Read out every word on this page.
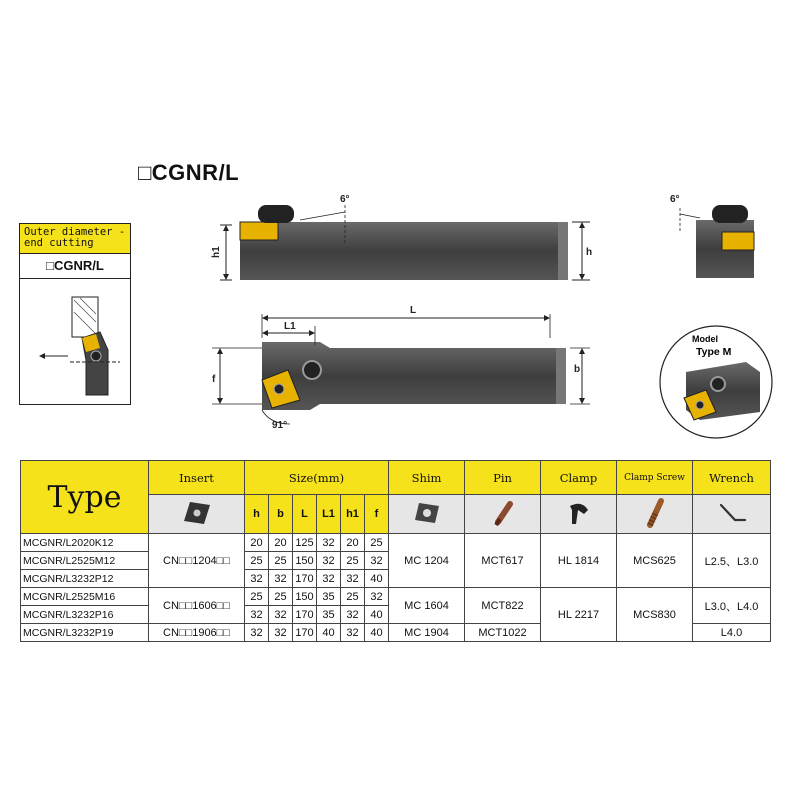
□CGNR/L
Outer diameter - end cutting
□CGNR/L
h1	h
6°	6°
L
L1
f
b
91°
Model
Type M
Type	Insert	Size(mm)						Shim	Pin	Clamp	Clamp Screw	Wrench
	h	b	L	L1	h1	f					
MCGNR/L2020K12	CN□□1204□□	20	20	125	32	20	25	MC 1204	MCT617	HL 1814	MCS625	L2.5、L3.0
MCGNR/L2525M12		25	25	150	32	25	32					
MCGNR/L3232P12		32	32	170	32	32	40					
MCGNR/L2525M16	CN□□1606□□	25	25	150	35	25	32	MC 1604	MCT822	HL 2217	MCS830	L3.0、L4.0
MCGNR/L3232P16		32	32	170	35	32	40					
MCGNR/L3232P19	CN□□1906□□	32	32	170	40	32	40	MC 1904	MCT1022			L4.0
